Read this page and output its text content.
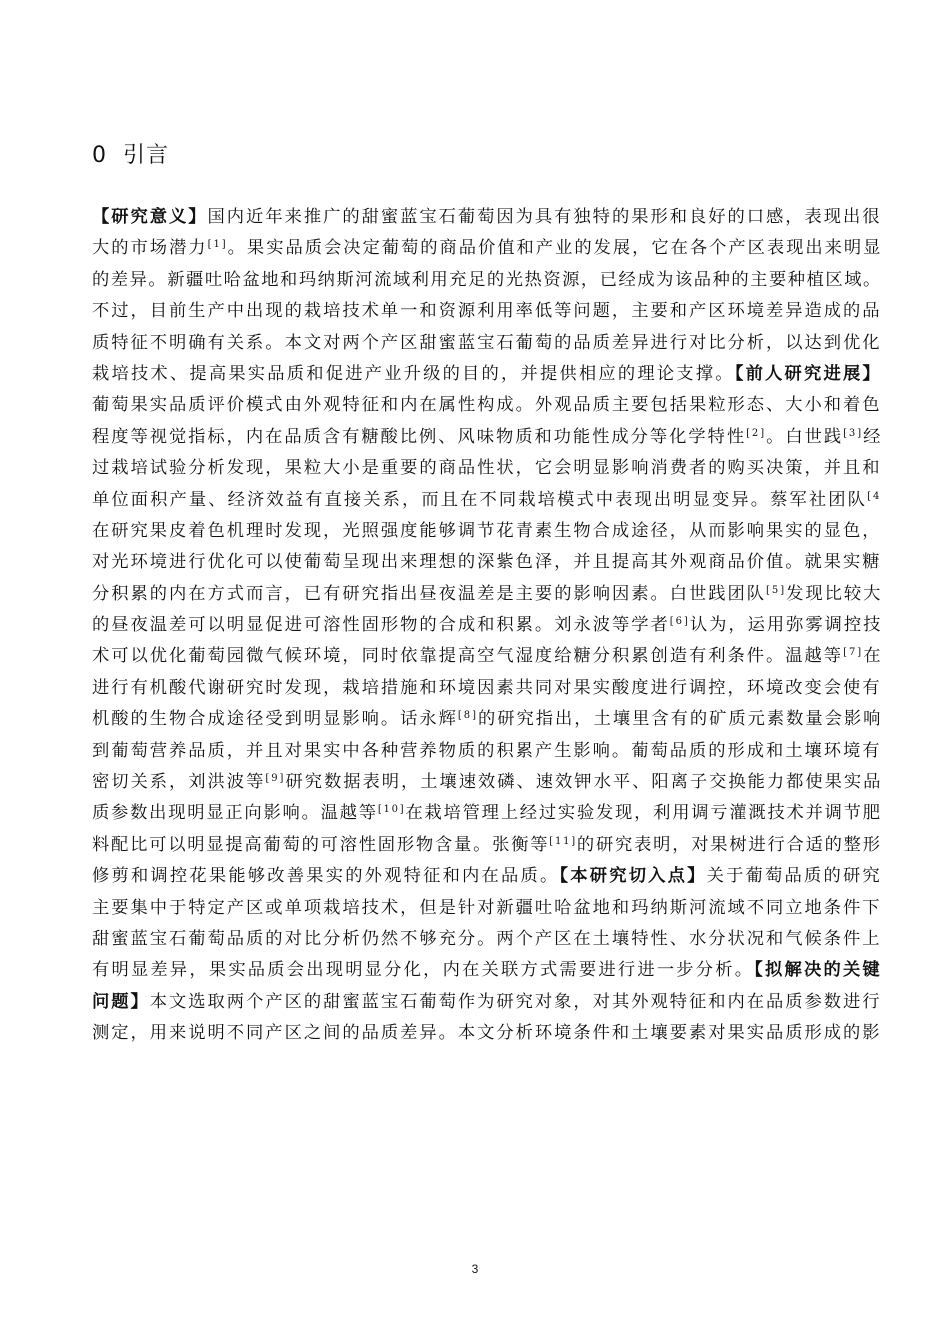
0 引言
【研究意义】国内近年来推广的甜蜜蓝宝石葡萄因为具有独特的果形和良好的口感，表现出很
大的市场潜力[1]。果实品质会决定葡萄的商品价值和产业的发展，它在各个产区表现出来明显
的差异。新疆吐哈盆地和玛纳斯河流域利用充足的光热资源，已经成为该品种的主要种植区域。
不过，目前生产中出现的栽培技术单一和资源利用率低等问题，主要和产区环境差异造成的品
质特征不明确有关系。本文对两个产区甜蜜蓝宝石葡萄的品质差异进行对比分析，以达到优化
栽培技术、提高果实品质和促进产业升级的目的，并提供相应的理论支撑。【前人研究进展】
葡萄果实品质评价模式由外观特征和内在属性构成。外观品质主要包括果粒形态、大小和着色
程度等视觉指标，内在品质含有糖酸比例、风味物质和功能性成分等化学特性[2]。白世践[3]经
过栽培试验分析发现，果粒大小是重要的商品性状，它会明显影响消费者的购买决策，并且和
单位面积产量、经济效益有直接关系，而且在不同栽培模式中表现出明显变异。蔡军社团队$^{[4}$
在研究果皮着色机理时发现，光照强度能够调节花青素生物合成途径，从而影响果实的显色，
对光环境进行优化可以使葡萄呈现出来理想的深紫色泽，并且提高其外观商品价值。就果实糖
分积累的内在方式而言，已有研究指出昼夜温差是主要的影响因素。白世践团队[5]发现比较大
的昼夜温差可以明显促进可溶性固形物的合成和积累。刘永波等学者[6]认为，运用弥雾调控技
术可以优化葡萄园微气候环境，同时依靠提高空气湿度给糖分积累创造有利条件。温越等[7]在
进行有机酸代谢研究时发现，栽培措施和环境因素共同对果实酸度进行调控，环境改变会使有
机酸的生物合成途径受到明显影响。话永辉[8]的研究指出，土壤里含有的矿质元素数量会影响
到葡萄营养品质，并且对果实中各种营养物质的积累产生影响。葡萄品质的形成和土壤环境有
密切关系，刘洪波等[9]研究数据表明，土壤速效磷、速效钾水平、阳离子交换能力都使果实品
质参数出现明显正向影响。温越等[10]在栽培管理上经过实验发现，利用调亏灌溉技术并调节肥
料配比可以明显提高葡萄的可溶性固形物含量。张衡等[11]的研究表明，对果树进行合适的整形
修剪和调控花果能够改善果实的外观特征和内在品质。【本研究切入点】关于葡萄品质的研究
主要集中于特定产区或单项栽培技术，但是针对新疆吐哈盆地和玛纳斯河流域不同立地条件下
甜蜜蓝宝石葡萄品质的对比分析仍然不够充分。两个产区在土壤特性、水分状况和气候条件上
有明显差异，果实品质会出现明显分化，内在关联方式需要进行进一步分析。【拟解决的关键
问题】本文选取两个产区的甜蜜蓝宝石葡萄作为研究对象，对其外观特征和内在品质参数进行
测定，用来说明不同产区之间的品质差异。本文分析环境条件和土壤要素对果实品质形成的影
3
